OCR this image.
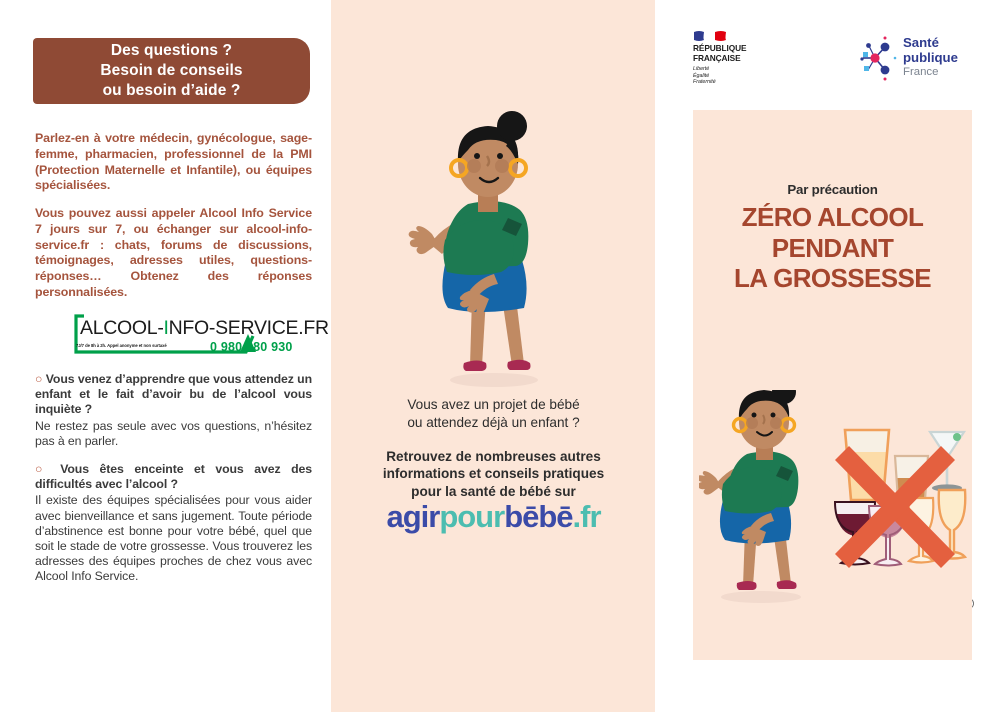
Des questions ?
Besoin de conseils
ou besoin d’aide ?
Parlez-en à votre médecin, gynécologue, sage-femme, pharmacien, professionnel de la PMI (Protection Maternelle et Infantile), ou équipes spécialisées.
Vous pouvez aussi appeler Alcool Info Service 7 jours sur 7, ou échanger sur alcool-info-service.fr : chats, forums de discussions, témoignages, adresses utiles, questions-réponses… Obtenez des réponses personnalisées.
ALCOOL-INFO-SERVICE.FR
7J/7 de 8h à 2h. Appel anonyme et non surtaxé	0 980 980 930
○ Vous venez d’apprendre que vous attendez un enfant et le fait d’avoir bu de l’alcool vous inquiète ?
Ne restez pas seule avec vos questions, n’hésitez pas à en parler.
○ Vous êtes enceinte et vous avez des difficultés avec l’alcool ?
Il existe des équipes spécialisées pour vous aider avec bienveillance et sans jugement. Toute période d’abstinence est bonne pour votre bébé, quel que soit le stade de votre grossesse. Vous trouverez les adresses des équipes proches de chez vous avec Alcool Info Service.
Vous avez un projet de bébé
ou attendez déjà un enfant ?
Retrouvez de nombreuses autres
informations et conseils pratiques
pour la santé de bébé sur
agirpourbēbē.fr
RÉPUBLIQUE
FRANÇAISE
Liberté
Égalité
Fraternité
Santé
publique
France
Par précaution
ZÉRO ALCOOL
PENDANT
LA GROSSESSE
